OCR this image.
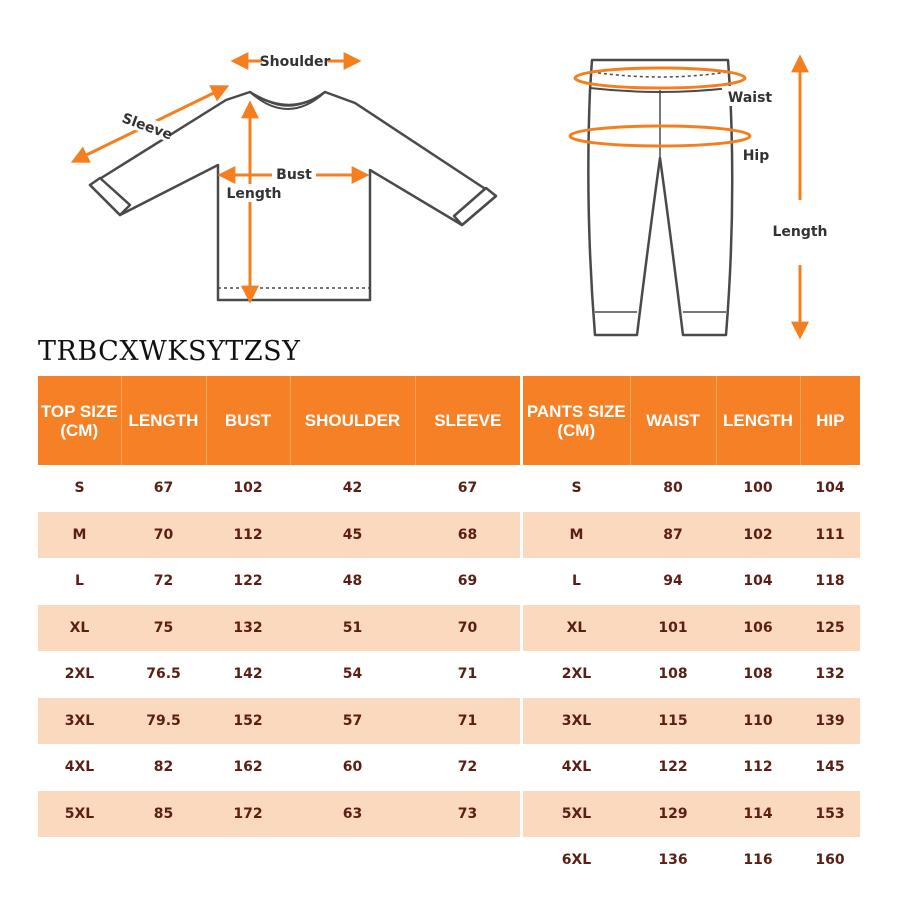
Shoulder
Sleeve
Bust
Length
Waist
Hip
Length
TRBCXWKSYTZSY
TOP SIZE (CM)	LENGTH	BUST	SHOULDER	SLEEVE
S	67	102	42	67
M	70	112	45	68
L	72	122	48	69
XL	75	132	51	70
2XL	76.5	142	54	71
3XL	79.5	152	57	71
4XL	82	162	60	72
5XL	85	172	63	73
PANTS SIZE (CM)	WAIST	LENGTH	HIP
S	80	100	104
M	87	102	111
L	94	104	118
XL	101	106	125
2XL	108	108	132
3XL	115	110	139
4XL	122	112	145
5XL	129	114	153
6XL	136	116	160
